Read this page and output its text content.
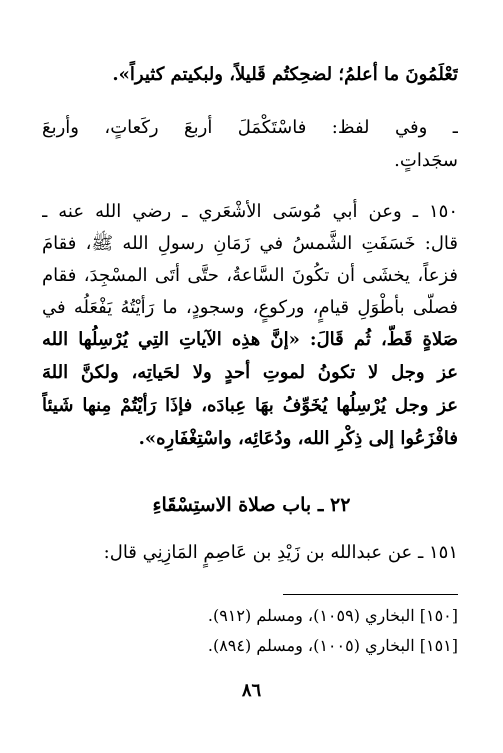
تَعْلَمُونَ ما أعلمُ؛ لضحِكتُم قَليلاً، ولبكيتم كثيراً».
ـ وفي لفظ: فاسْتَكْمَلَ أربعَ ركَعاتٍ، وأربعَ
سجَداتٍ.
١٥٠ ـ وعن أبي مُوسَى الأشْعَري ـ رضي الله عنه ـ
قال: خَسَفَتِ الشَّمسُ في زَمَانِ رسولِ الله ﷺ، فقامَ
فزعاً، يخشَى أن تكُونَ السَّاعةُ، حتَّى أتَى المسْجِدَ، فقام
فصلَّى بأطْوَلِ قيامٍ، وركوعٍ، وسجودٍ، ما رَأيْتُهُ يَفْعَلُه في
صَلاةٍ قَطُّ، ثُم قَالَ: «إنَّ هذِه الآياتِ التِي يُرْسِلُها الله
عز وجل لا تكونُ لموتِ أحدٍ ولا لحَياتِه، ولكنَّ اللهَ
عز وجل يُرْسِلُها يُخَوِّفُ بهَا عِبادَه، فإذَا رَأيْتُمْ مِنها شَيئاً
فافْزَعُوا إلى ذِكْرِ الله، ودُعَائِه، واسْتِغْفَارِه».
٢٢ ـ باب صلاة الاستِسْقَاءِ
١٥١ ـ عن عبدالله بن زَيْدِ بن عَاصِمٍ المَازِنِي قال:
[١٥٠] البخاري (١٠٥٩)، ومسلم (٩١٢).
[١٥١] البخاري (١٠٠٥)، ومسلم (٨٩٤).
٨٦
